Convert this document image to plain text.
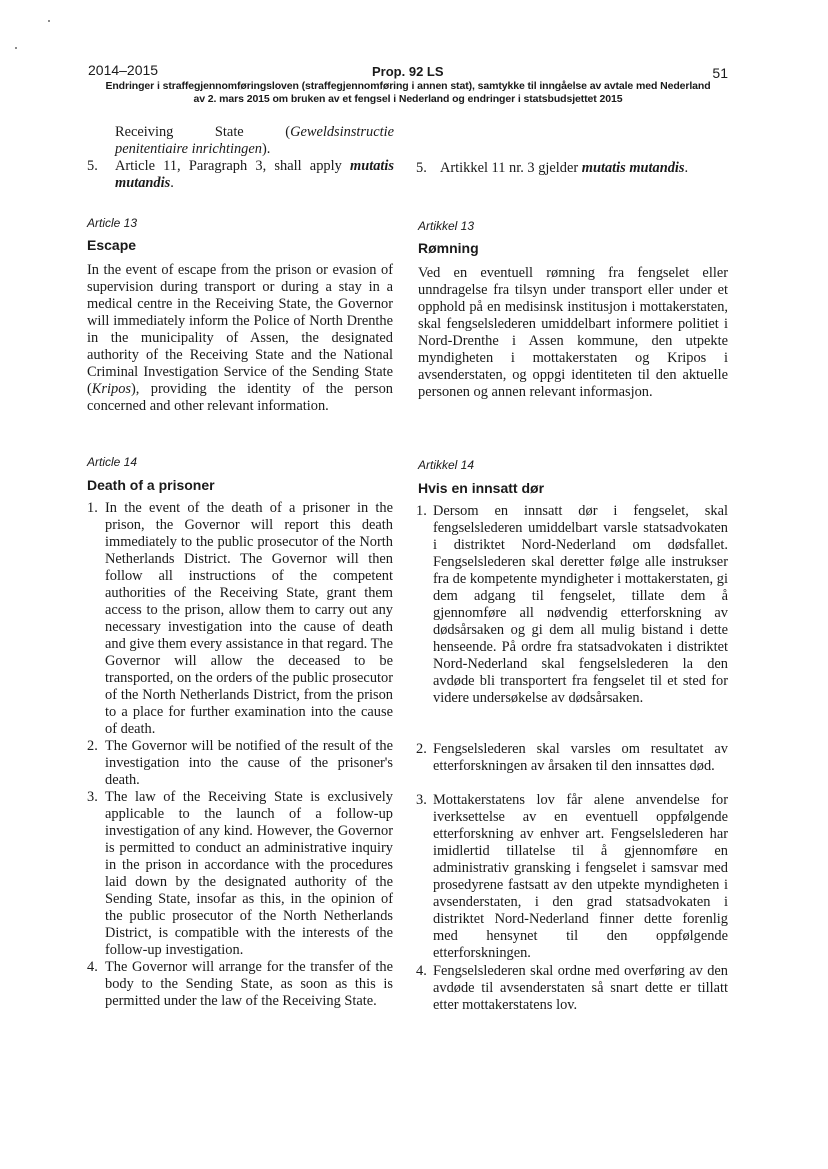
2014–2015	Prop. 92 LS	51
Endringer i straffegjennomføringsloven (straffegjennomføring i annen stat), samtykke til inngåelse av avtale med Nederland
av 2. mars 2015 om bruken av et fengsel i Nederland og endringer i statsbudsjettet 2015
Receiving State (Geweldsinstructie penitentiaire inrichtingen).
5. Article 11, Paragraph 3, shall apply mutatis mutandis.
Article 13
Escape
In the event of escape from the prison or evasion of supervision during transport or during a stay in a medical centre in the Receiving State, the Governor will immediately inform the Police of North Drenthe in the municipality of Assen, the designated authority of the Receiving State and the National Criminal Investigation Service of the Sending State (Kripos), providing the identity of the person concerned and other relevant information.
Article 14
Death of a prisoner
1. In the event of the death of a prisoner in the prison, the Governor will report this death immediately to the public prosecutor of the North Netherlands District. The Governor will then follow all instructions of the competent authorities of the Receiving State, grant them access to the prison, allow them to carry out any necessary investigation into the cause of death and give them every assistance in that regard. The Governor will allow the deceased to be transported, on the orders of the public prosecutor of the North Netherlands District, from the prison to a place for further examination into the cause of death.
2. The Governor will be notified of the result of the investigation into the cause of the prisoner's death.
3. The law of the Receiving State is exclusively applicable to the launch of a follow-up investigation of any kind. However, the Governor is permitted to conduct an administrative inquiry in the prison in accordance with the procedures laid down by the designated authority of the Sending State, insofar as this, in the opinion of the public prosecutor of the North Netherlands District, is compatible with the interests of the follow-up investigation.
4. The Governor will arrange for the transfer of the body to the Sending State, as soon as this is permitted under the law of the Receiving State.
5. Artikkel 11 nr. 3 gjelder mutatis mutandis.
Artikkel 13
Rømning
Ved en eventuell rømning fra fengselet eller unndragelse fra tilsyn under transport eller under et opphold på en medisinsk institusjon i mottakerstaten, skal fengselslederen umiddelbart informere politiet i Nord-Drenthe i Assen kommune, den utpekte myndigheten i mottakerstaten og Kripos i avsenderstaten, og oppgi identiteten til den aktuelle personen og annen relevant informasjon.
Artikkel 14
Hvis en innsatt dør
1. Dersom en innsatt dør i fengselet, skal fengselslederen umiddelbart varsle statsadvokaten i distriktet Nord-Nederland om dødsfallet. Fengselslederen skal deretter følge alle instrukser fra de kompetente myndigheter i mottakerstaten, gi dem adgang til fengselet, tillate dem å gjennomføre all nødvendig etterforskning av dødsårsaken og gi dem all mulig bistand i dette henseende. På ordre fra statsadvokaten i distriktet Nord-Nederland skal fengselslederen la den avdøde bli transportert fra fengselet til et sted for videre undersøkelse av dødsårsaken.
2. Fengselslederen skal varsles om resultatet av etterforskningen av årsaken til den innsattes død.
3. Mottakerstatens lov får alene anvendelse for iverksettelse av en eventuell oppfølgende etterforskning av enhver art. Fengselslederen har imidlertid tillatelse til å gjennomføre en administrativ gransking i fengselet i samsvar med prosedyrene fastsatt av den utpekte myndigheten i avsenderstaten, i den grad statsadvokaten i distriktet Nord-Nederland finner dette forenlig med hensynet til den oppfølgende etterforskningen.
4. Fengselslederen skal ordne med overføring av den avdøde til avsenderstaten så snart dette er tillatt etter mottakerstatens lov.
